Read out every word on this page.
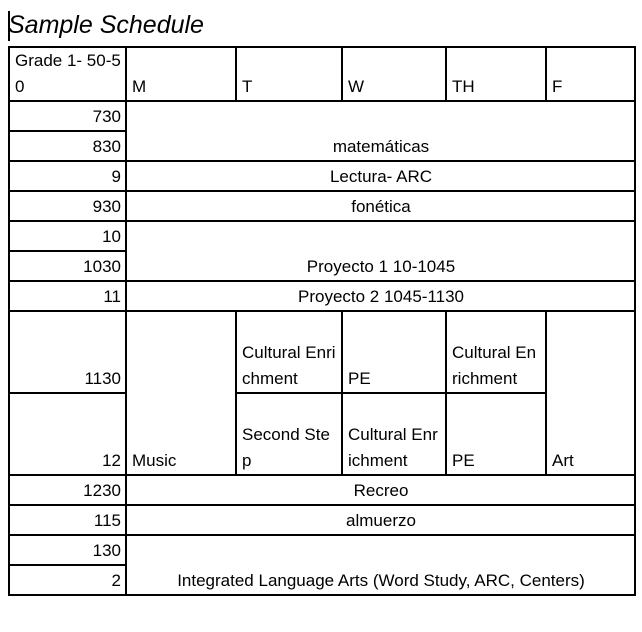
Sample Schedule
Grade 1- 50-50	M	T	W	TH	F
730	matemáticas				
830					
9	Lectura- ARC				
930	fonética				
10	Proyecto 1 10-1045				
1030					
11	Proyecto 2 1045-1130				
1130	Music	Cultural Enrichment	PE	Cultural Enrichment	Art
12		Second Step	Cultural Enrichment	PE	
1230	Recreo				
115	almuerzo				
130	Integrated Language Arts (Word Study, ARC, Centers)				
2					
